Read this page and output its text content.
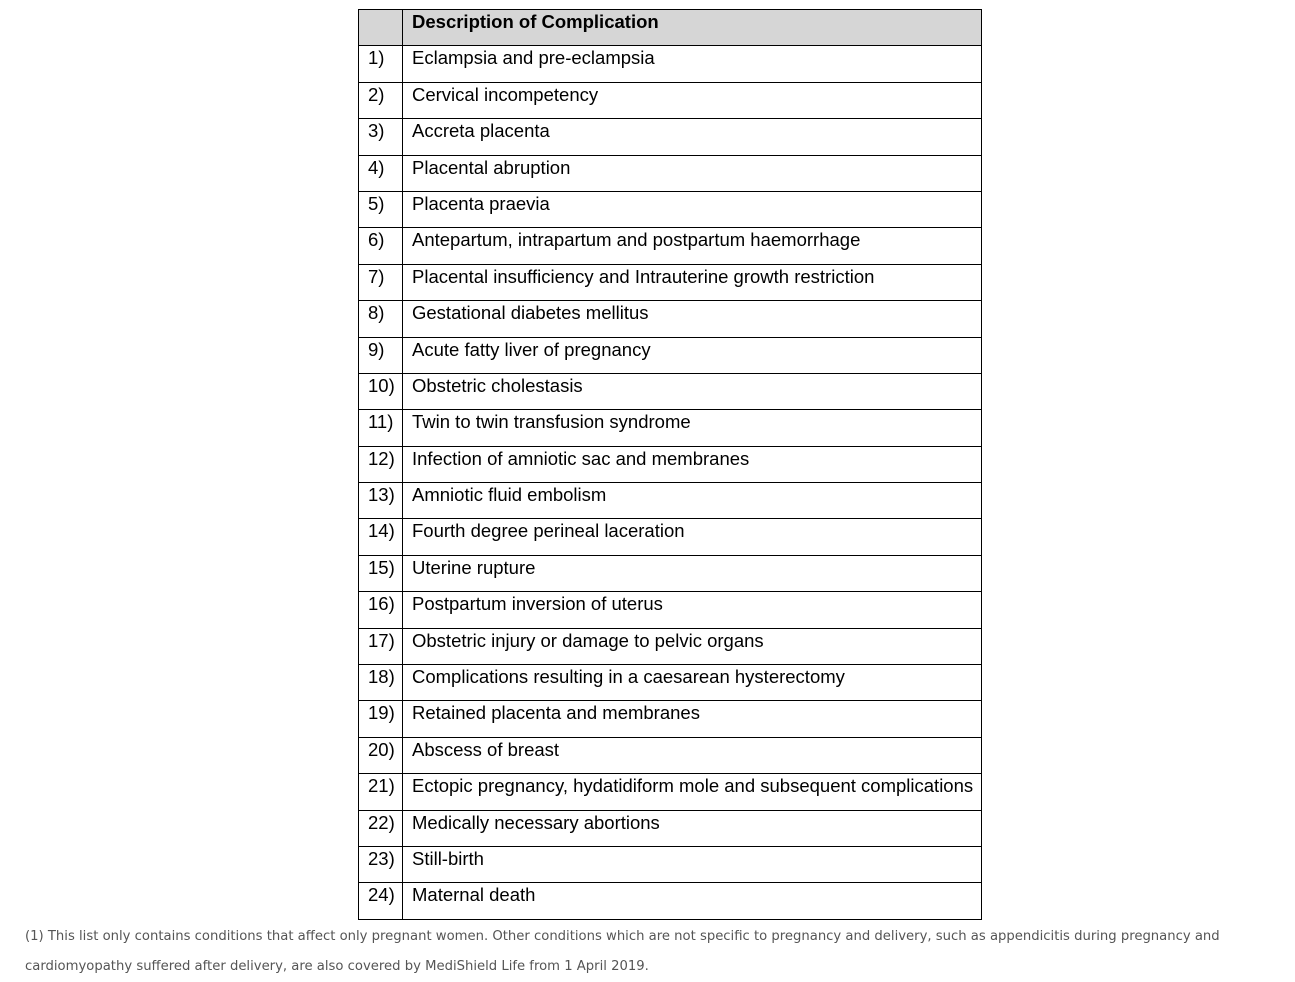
	Description of Complication
1)	Eclampsia and pre-eclampsia
2)	Cervical incompetency
3)	Accreta placenta
4)	Placental abruption
5)	Placenta praevia
6)	Antepartum, intrapartum and postpartum haemorrhage
7)	Placental insufficiency and Intrauterine growth restriction
8)	Gestational diabetes mellitus
9)	Acute fatty liver of pregnancy
10)	Obstetric cholestasis
11)	Twin to twin transfusion syndrome
12)	Infection of amniotic sac and membranes
13)	Amniotic fluid embolism
14)	Fourth degree perineal laceration
15)	Uterine rupture
16)	Postpartum inversion of uterus
17)	Obstetric injury or damage to pelvic organs
18)	Complications resulting in a caesarean hysterectomy
19)	Retained placenta and membranes
20)	Abscess of breast
21)	Ectopic pregnancy, hydatidiform mole and subsequent complications
22)	Medically necessary abortions
23)	Still-birth
24)	Maternal death
(1) This list only contains conditions that affect only pregnant women. Other conditions which are not specific to pregnancy and delivery, such as appendicitis during pregnancy and cardiomyopathy suffered after delivery, are also covered by MediShield Life from 1 April 2019.
